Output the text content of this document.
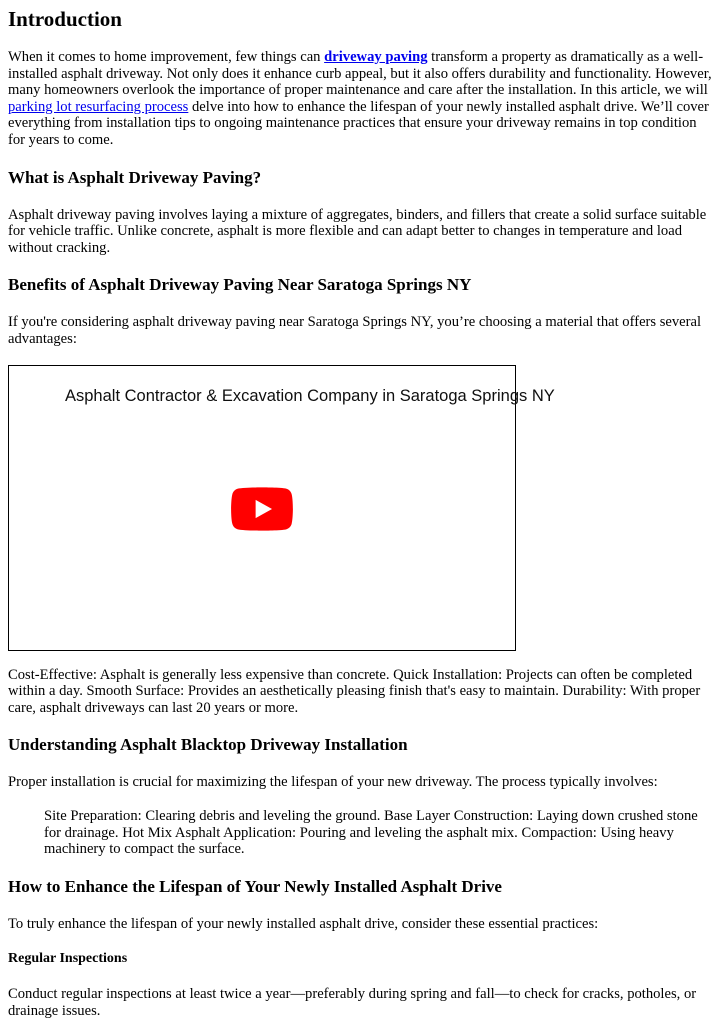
Introduction

When it comes to home improvement, few things can driveway paving transform a property as dramatically as a well-installed asphalt driveway. Not only does it enhance curb appeal, but it also offers durability and functionality. However, many homeowners overlook the importance of proper maintenance and care after the installation. In this article, we will parking lot resurfacing process delve into how to enhance the lifespan of your newly installed asphalt drive. We’ll cover everything from installation tips to ongoing maintenance practices that ensure your driveway remains in top condition for years to come.

What is Asphalt Driveway Paving?

Asphalt driveway paving involves laying a mixture of aggregates, binders, and fillers that create a solid surface suitable for vehicle traffic. Unlike concrete, asphalt is more flexible and can adapt better to changes in temperature and load without cracking.

Benefits of Asphalt Driveway Paving Near Saratoga Springs NY

If you're considering asphalt driveway paving near Saratoga Springs NY, you’re choosing a material that offers several advantages:

Asphalt Contractor & Excavation Company in Saratoga Springs NY

Cost-Effective: Asphalt is generally less expensive than concrete. Quick Installation: Projects can often be completed within a day. Smooth Surface: Provides an aesthetically pleasing finish that's easy to maintain. Durability: With proper care, asphalt driveways can last 20 years or more.

Understanding Asphalt Blacktop Driveway Installation

Proper installation is crucial for maximizing the lifespan of your new driveway. The process typically involves:

Site Preparation: Clearing debris and leveling the ground. Base Layer Construction: Laying down crushed stone for drainage. Hot Mix Asphalt Application: Pouring and leveling the asphalt mix. Compaction: Using heavy machinery to compact the surface.

How to Enhance the Lifespan of Your Newly Installed Asphalt Drive

To truly enhance the lifespan of your newly installed asphalt drive, consider these essential practices:

Regular Inspections

Conduct regular inspections at least twice a year—preferably during spring and fall—to check for cracks, potholes, or drainage issues.
